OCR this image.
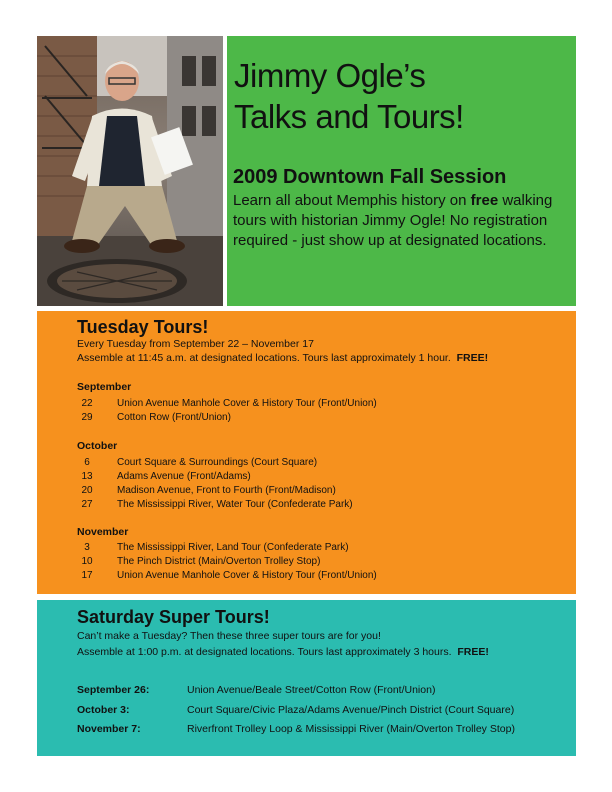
Jimmy Ogle’s
Talks and Tours!
2009 Downtown Fall Session
Learn all about Memphis history on free walking tours with historian Jimmy Ogle! No registration required - just show up at designated locations.
Tuesday Tours!
Every Tuesday from September 22 – November 17
Assemble at 11:45 a.m. at designated locations. Tours last approximately 1 hour. FREE!
September
22	Union Avenue Manhole Cover & History Tour (Front/Union)
29	Cotton Row (Front/Union)
October
6	Court Square & Surroundings (Court Square)
13	Adams Avenue (Front/Adams)
20	Madison Avenue, Front to Fourth (Front/Madison)
27	The Mississippi River, Water Tour (Confederate Park)
November
3	The Mississippi River, Land Tour (Confederate Park)
10	The Pinch District (Main/Overton Trolley Stop)
17	Union Avenue Manhole Cover & History Tour (Front/Union)
Saturday Super Tours!
Can’t make a Tuesday? Then these three super tours are for you!
Assemble at 1:00 p.m. at designated locations. Tours last approximately 3 hours. FREE!
September 26:	Union Avenue/Beale Street/Cotton Row (Front/Union)
October 3:	Court Square/Civic Plaza/Adams Avenue/Pinch District (Court Square)
November 7:	Riverfront Trolley Loop & Mississippi River (Main/Overton Trolley Stop)
